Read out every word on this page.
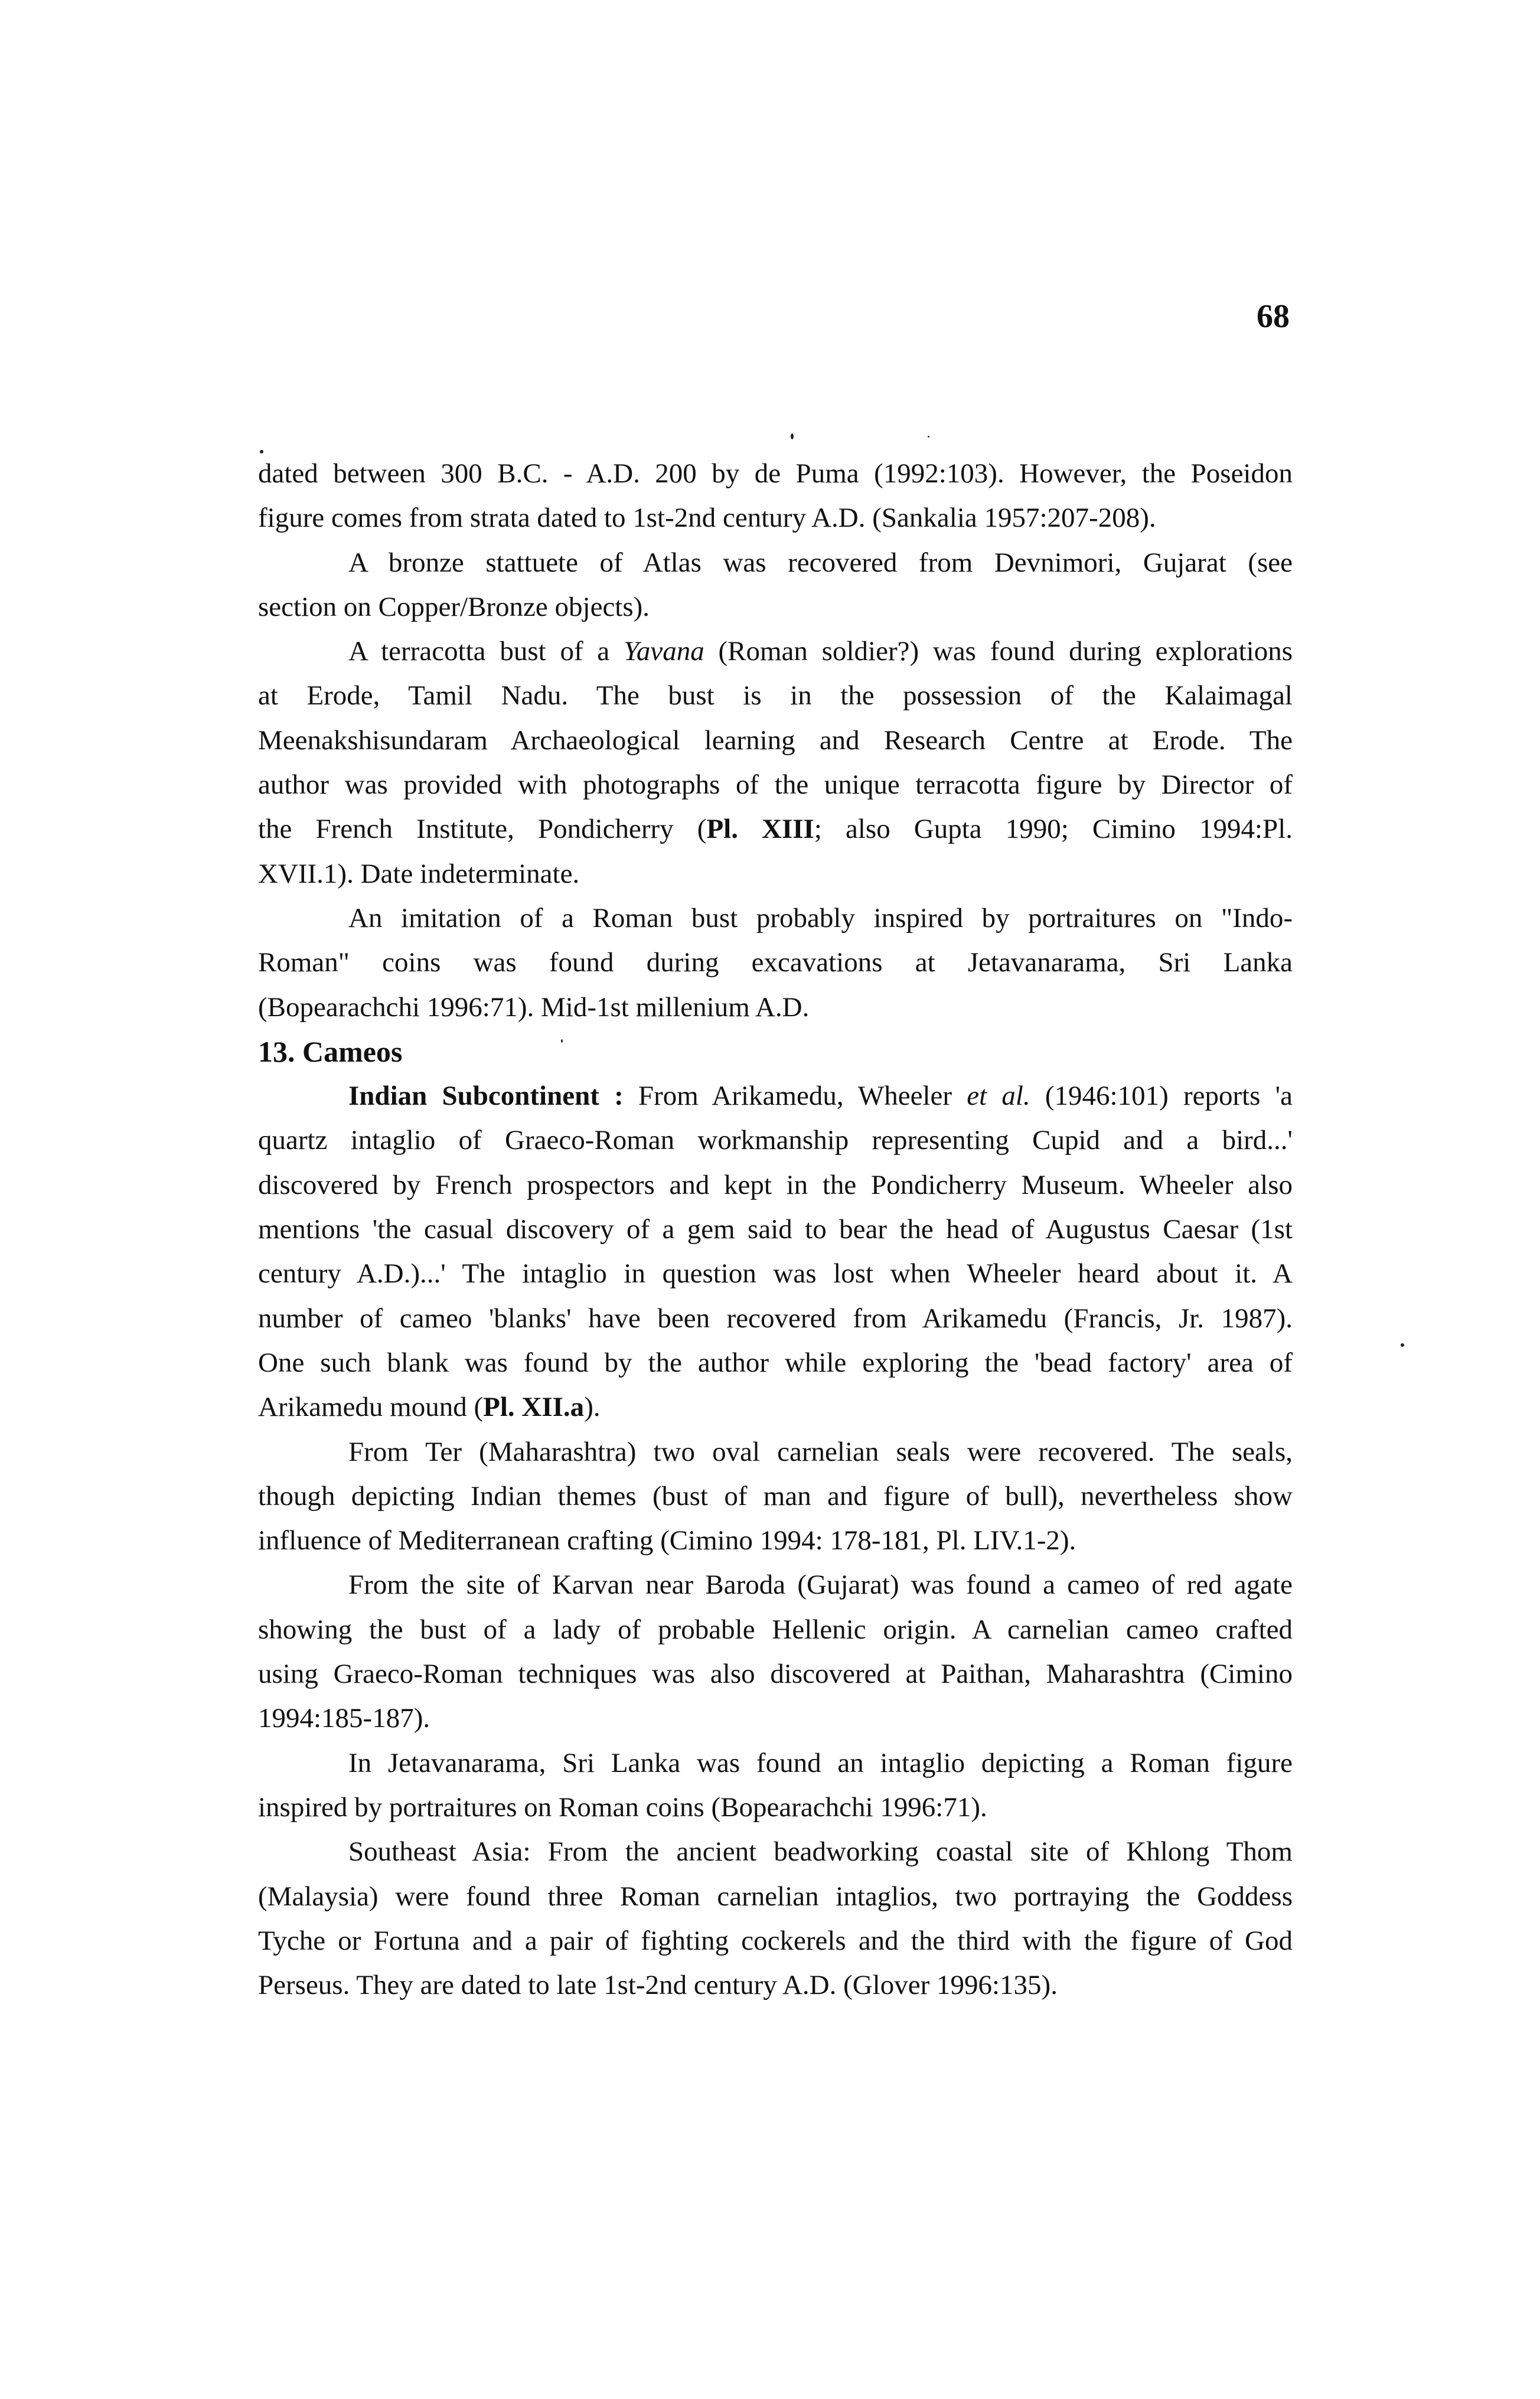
68
dated between 300 B.C. - A.D. 200 by de Puma (1992:103). However, the Poseidon
figure comes from strata dated to 1st-2nd century A.D. (Sankalia 1957:207-208).
A bronze stattuete of Atlas was recovered from Devnimori, Gujarat (see
section on Copper/Bronze objects).
A terracotta bust of a Yavana (Roman soldier?) was found during explorations
at Erode, Tamil Nadu. The bust is in the possession of the Kalaimagal
Meenakshisundaram Archaeological learning and Research Centre at Erode. The
author was provided with photographs of the unique terracotta figure by Director of
the French Institute, Pondicherry (Pl. XIII; also Gupta 1990; Cimino 1994:Pl.
XVII.1). Date indeterminate.
An imitation of a Roman bust probably inspired by portraitures on "Indo-
Roman" coins was found during excavations at Jetavanarama, Sri Lanka
(Bopearachchi 1996:71). Mid-1st millenium A.D.
13. Cameos
Indian Subcontinent : From Arikamedu, Wheeler et al. (1946:101) reports 'a
quartz intaglio of Graeco-Roman workmanship representing Cupid and a bird...'
discovered by French prospectors and kept in the Pondicherry Museum. Wheeler also
mentions 'the casual discovery of a gem said to bear the head of Augustus Caesar (1st
century A.D.)...' The intaglio in question was lost when Wheeler heard about it. A
number of cameo 'blanks' have been recovered from Arikamedu (Francis, Jr. 1987).
One such blank was found by the author while exploring the 'bead factory' area of
Arikamedu mound (Pl. XII.a).
From Ter (Maharashtra) two oval carnelian seals were recovered. The seals,
though depicting Indian themes (bust of man and figure of bull), nevertheless show
influence of Mediterranean crafting (Cimino 1994: 178-181, Pl. LIV.1-2).
From the site of Karvan near Baroda (Gujarat) was found a cameo of red agate
showing the bust of a lady of probable Hellenic origin. A carnelian cameo crafted
using Graeco-Roman techniques was also discovered at Paithan, Maharashtra (Cimino
1994:185-187).
In Jetavanarama, Sri Lanka was found an intaglio depicting a Roman figure
inspired by portraitures on Roman coins (Bopearachchi 1996:71).
Southeast Asia: From the ancient beadworking coastal site of Khlong Thom
(Malaysia) were found three Roman carnelian intaglios, two portraying the Goddess
Tyche or Fortuna and a pair of fighting cockerels and the third with the figure of God
Perseus. They are dated to late 1st-2nd century A.D. (Glover 1996:135).
